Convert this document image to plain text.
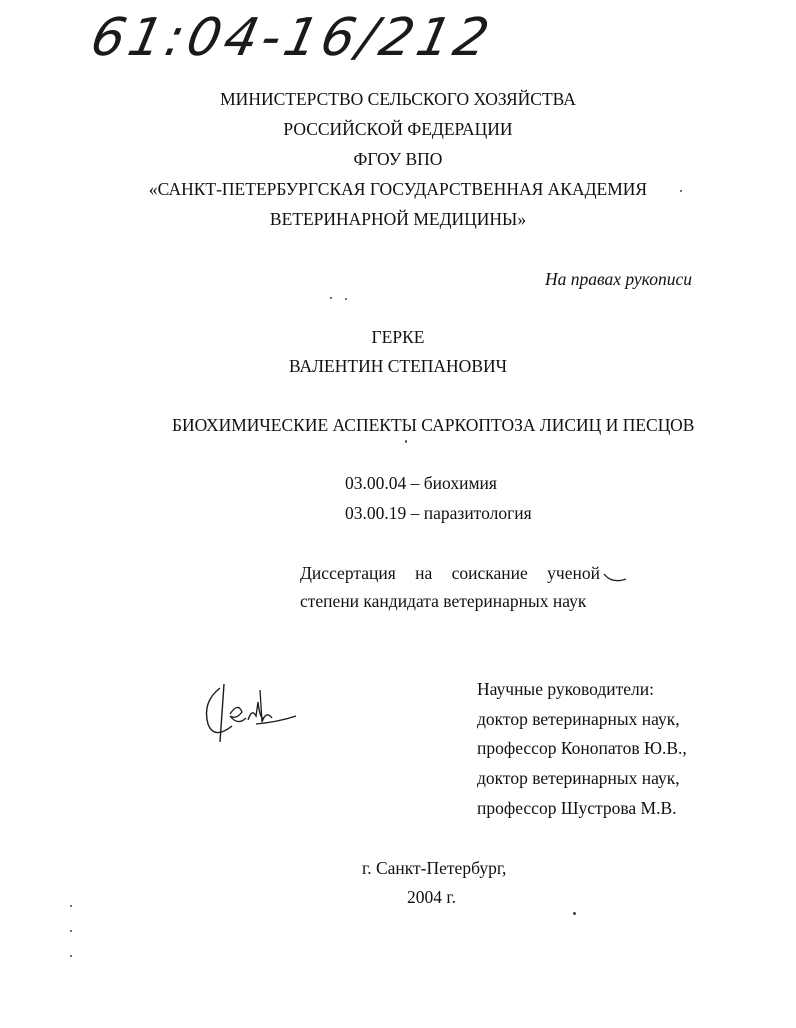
61:04-16/212
МИНИСТЕРСТВО СЕЛЬСКОГО ХОЗЯЙСТВА
РОССИЙСКОЙ ФЕДЕРАЦИИ
ФГОУ ВПО
«САНКТ-ПЕТЕРБУРГСКАЯ ГОСУДАРСТВЕННАЯ АКАДЕМИЯ
ВЕТЕРИНАРНОЙ МЕДИЦИНЫ»
На правах рукописи
ГЕРКЕ
ВАЛЕНТИН СТЕПАНОВИЧ
БИОХИМИЧЕСКИЕ АСПЕКТЫ САРКОПТОЗА ЛИСИЦ И ПЕСЦОВ
03.00.04 – биохимия
03.00.19 – паразитология
Диссертация на соискание ученой
степени кандидата ветеринарных наук
Научные руководители:
доктор ветеринарных наук,
профессор Конопатов Ю.В.,
доктор ветеринарных наук,
профессор Шустрова М.В.
г. Санкт-Петербург,
2004 г.
